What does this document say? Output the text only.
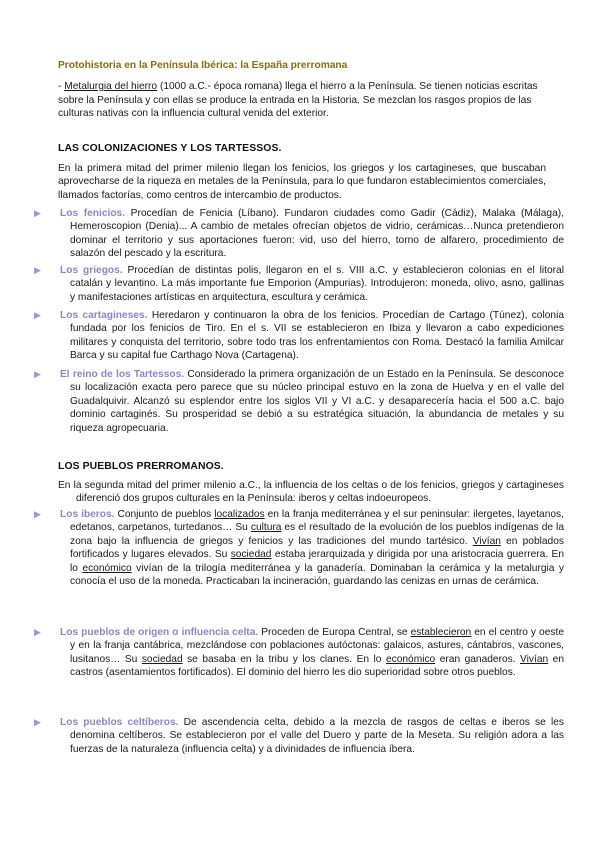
Protohistoria en la Península Ibérica: la España prerromana
- Metalurgia del hierro (1000 a.C.- época romana) llega el hierro a la Península. Se tienen noticias escritas sobre la Península y con ellas se produce la entrada en la Historia. Se mezclan los rasgos propios de las culturas nativas con la influencia cultural venida del exterior.
LAS COLONIZACIONES Y LOS TARTESSOS.
En la primera mitad del primer milenio llegan los fenicios, los griegos y los cartagineses, que buscaban aprovecharse de la riqueza en metales de la Península, para lo que fundaron establecimientos comerciales, llamados factorías, como centros de intercambio de productos.
▶ Los fenicios. Procedían de Fenicia (Líbano). Fundaron ciudades como Gadir (Cádiz), Malaka (Málaga), Hemeroscopion (Denia)... A cambio de metales ofrecían objetos de vidrio, cerámicas…Nunca pretendieron dominar el territorio y sus aportaciones fueron: vid, uso del hierro, torno de alfarero, procedimiento de salazón del pescado y la escritura.
▶ Los griegos. Procedían de distintas polis, llegaron en el s. VIII a.C. y establecieron colonias en el litoral catalán y levantino. La más importante fue Emporion (Ampurias). Introdujeron: moneda, olivo, asno, gallinas y manifestaciones artísticas en arquitectura, escultura y cerámica.
▶ Los cartagineses. Heredaron y continuaron la obra de los fenicios. Procedían de Cartago (Túnez), colonia fundada por los fenicios de Tiro. En el s. VII se establecieron en Ibiza y llevaron a cabo expediciones militares y conquista del territorio, sobre todo tras los enfrentamientos con Roma. Destacó la familia Amilcar Barca y su capital fue Carthago Nova (Cartagena).
▶ El reino de los Tartessos. Considerado la primera organización de un Estado en la Península. Se desconoce su localización exacta pero parece que su núcleo principal estuvo en la zona de Huelva y en el valle del Guadalquivir. Alcanzó su esplendor entre los siglos VII y VI a.C. y desaparecería hacia el 500 a.C. bajo dominio cartaginés. Su prosperidad se debió a su estratégica situación, la abundancia de metales y su riqueza agropecuaria.
LOS PUEBLOS PRERROMANOS.
En la segunda mitad del primer milenio a.C., la influencia de los celtas o de los fenicios, griegos y cartagineses diferenció dos grupos culturales en la Península: iberos y celtas indoeuropeos.
▶ Los iberos. Conjunto de pueblos localizados en la franja mediterránea y el sur peninsular: ilergetes, layetanos, edetanos, carpetanos, turtedanos… Su cultura es el resultado de la evolución de los pueblos indígenas de la zona bajo la influencia de griegos y fenicios y las tradiciones del mundo tartésico. Vivían en poblados fortificados y lugares elevados. Su sociedad estaba jerarquizada y dirigida por una aristocracia guerrera. En lo económico vivían de la trilogía mediterránea y la ganadería. Dominaban la cerámica y la metalurgia y conocía el uso de la moneda. Practicaban la incineración, guardando las cenizas en urnas de cerámica.
▶ Los pueblos de origen o influencia celta. Proceden de Europa Central, se establecieron en el centro y oeste y en la franja cantábrica, mezclándose con poblaciones autóctonas: galaicos, astures, cántabros, vascones, lusitanos… Su sociedad se basaba en la tribu y los clanes. En lo económico eran ganaderos. Vivían en castros (asentamientos fortificados). El dominio del hierro les dio superioridad sobre otros pueblos.
▶ Los pueblos celtíberos. De ascendencia celta, debido a la mezcla de rasgos de celtas e iberos se les denomina celtíberos. Se establecieron por el valle del Duero y parte de la Meseta. Su religión adora a las fuerzas de la naturaleza (influencia celta) y a divinidades de influencia íbera.
